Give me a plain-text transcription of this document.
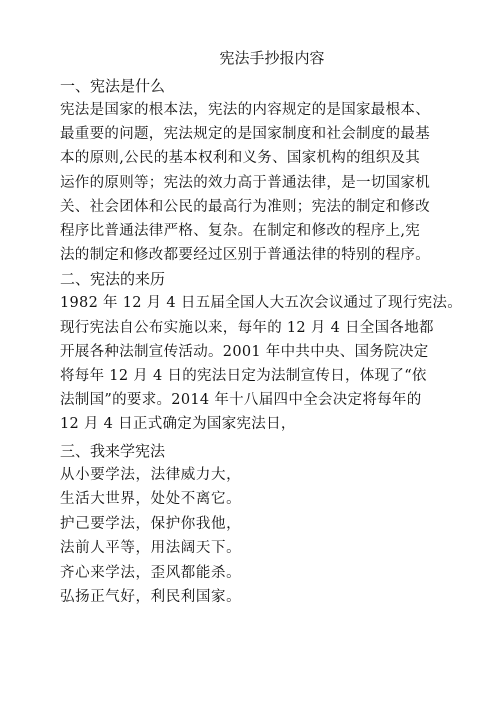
宪法手抄报内容
一、宪法是什么
宪法是国家的根本法，宪法的内容规定的是国家最根本、
最重要的问题，宪法规定的是国家制度和社会制度的最基
本的原则,公民的基本权利和义务、国家机构的组织及其
运作的原则等；宪法的效力高于普通法律，是一切国家机
关、社会团体和公民的最高行为准则；宪法的制定和修改
程序比普通法律严格、复杂。在制定和修改的程序上,宪
法的制定和修改都要经过区别于普通法律的特别的程序。
二、宪法的来历
1982 年 12 月 4 日五届全国人大五次会议通过了现行宪法。
现行宪法自公布实施以来，每年的 12 月 4 日全国各地都
开展各种法制宣传活动。2001 年中共中央、国务院决定
将每年 12 月 4 日的宪法日定为法制宣传日，体现了“依
法制国”的要求。2014 年十八届四中全会决定将每年的
12 月 4 日正式确定为国家宪法日，
三、我来学宪法
从小要学法，法律威力大，
生活大世界，处处不离它。
护己要学法，保护你我他，
法前人平等，用法阔天下。
齐心来学法，歪风都能杀。
弘扬正气好，利民利国家。
